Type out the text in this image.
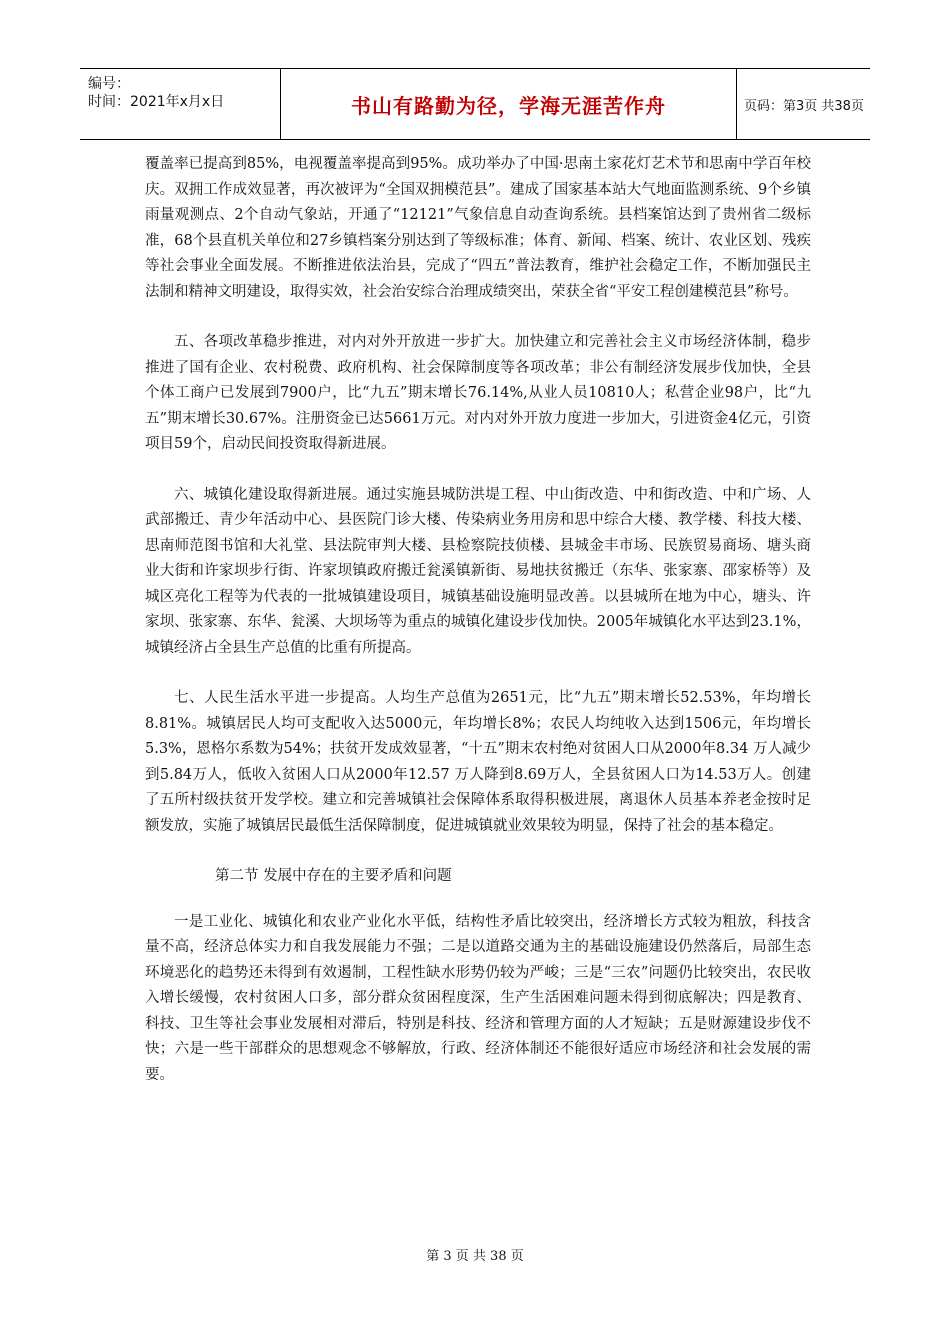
编号：
时间：2021年x月x日	书山有路勤为径，学海无涯苦作舟	页码：第3页 共38页

覆盖率已提高到85%，电视覆盖率提高到95%。成功举办了中国·思南土家花灯艺术节和思南中学百年校庆。双拥工作成效显著，再次被评为“全国双拥模范县”。建成了国家基本站大气地面监测系统、9个乡镇雨量观测点、2个自动气象站，开通了“12121”气象信息自动查询系统。县档案馆达到了贵州省二级标准，68个县直机关单位和27乡镇档案分别达到了等级标准；体育、新闻、档案、统计、农业区划、残疾等社会事业全面发展。不断推进依法治县，完成了“四五”普法教育，维护社会稳定工作，不断加强民主法制和精神文明建设，取得实效，社会治安综合治理成绩突出，荣获全省“平安工程创建模范县”称号。

五、各项改革稳步推进，对内对外开放进一步扩大。加快建立和完善社会主义市场经济体制，稳步推进了国有企业、农村税费、政府机构、社会保障制度等各项改革；非公有制经济发展步伐加快，全县个体工商户已发展到7900户，比“九五”期末增长76.14%,从业人员10810人；私营企业98户，比“九五”期末增长30.67%。注册资金已达5661万元。对内对外开放力度进一步加大，引进资金4亿元，引资项目59个，启动民间投资取得新进展。

六、城镇化建设取得新进展。通过实施县城防洪堤工程、中山街改造、中和街改造、中和广场、人武部搬迁、青少年活动中心、县医院门诊大楼、传染病业务用房和思中综合大楼、教学楼、科技大楼、思南师范图书馆和大礼堂、县法院审判大楼、县检察院技侦楼、县城金丰市场、民族贸易商场、塘头商业大街和许家坝步行街、许家坝镇政府搬迁瓮溪镇新街、易地扶贫搬迁（东华、张家寨、邵家桥等）及城区亮化工程等为代表的一批城镇建设项目，城镇基础设施明显改善。以县城所在地为中心，塘头、许家坝、张家寨、东华、瓮溪、大坝场等为重点的城镇化建设步伐加快。2005年城镇化水平达到23.1%，城镇经济占全县生产总值的比重有所提高。

七、人民生活水平进一步提高。人均生产总值为2651元，比“九五”期末增长52.53%，年均增长8.81%。城镇居民人均可支配收入达5000元，年均增长8%；农民人均纯收入达到1506元，年均增长5.3%，恩格尔系数为54%；扶贫开发成效显著，“十五”期末农村绝对贫困人口从2000年8.34 万人减少到5.84万人，低收入贫困人口从2000年12.57 万人降到8.69万人，全县贫困人口为14.53万人。创建了五所村级扶贫开发学校。建立和完善城镇社会保障体系取得积极进展，离退休人员基本养老金按时足额发放，实施了城镇居民最低生活保障制度，促进城镇就业效果较为明显，保持了社会的基本稳定。

第二节 发展中存在的主要矛盾和问题

一是工业化、城镇化和农业产业化水平低，结构性矛盾比较突出，经济增长方式较为粗放，科技含量不高，经济总体实力和自我发展能力不强；二是以道路交通为主的基础设施建设仍然落后，局部生态环境恶化的趋势还未得到有效遏制，工程性缺水形势仍较为严峻；三是“三农”问题仍比较突出，农民收入增长缓慢，农村贫困人口多，部分群众贫困程度深，生产生活困难问题未得到彻底解决；四是教育、科技、卫生等社会事业发展相对滞后，特别是科技、经济和管理方面的人才短缺；五是财源建设步伐不快；六是一些干部群众的思想观念不够解放，行政、经济体制还不能很好适应市场经济和社会发展的需要。

第 3 页 共 38 页
